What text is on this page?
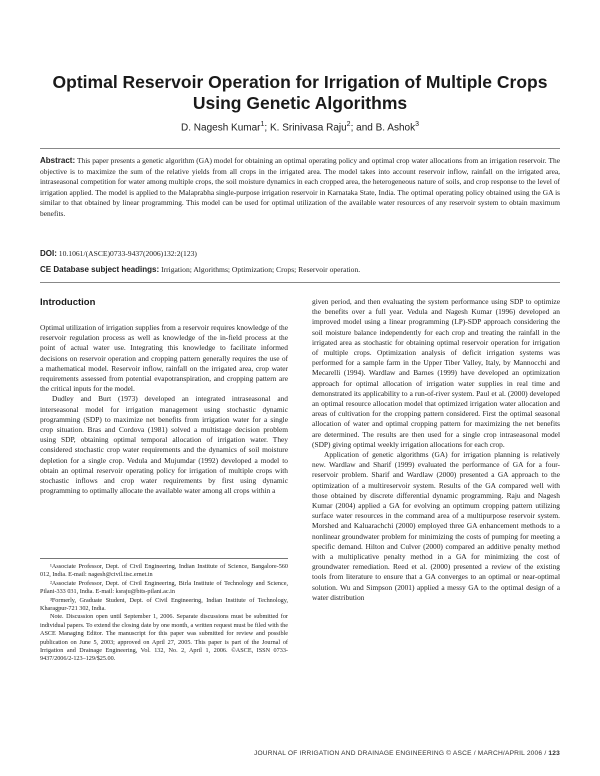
Optimal Reservoir Operation for Irrigation of Multiple Crops Using Genetic Algorithms
D. Nagesh Kumar$^1$; K. Srinivasa Raju$^2$; and B. Ashok$^3$
Abstract: This paper presents a genetic algorithm (GA) model for obtaining an optimal operating policy and optimal crop water allocations from an irrigation reservoir. The objective is to maximize the sum of the relative yields from all crops in the irrigated area. The model takes into account reservoir inflow, rainfall on the irrigated area, intraseasonal competition for water among multiple crops, the soil moisture dynamics in each cropped area, the heterogeneous nature of soils, and crop response to the level of irrigation applied. The model is applied to the Malaprabha single-purpose irrigation reservoir in Karnataka State, India. The optimal operating policy obtained using the GA is similar to that obtained by linear programming. This model can be used for optimal utilization of the available water resources of any reservoir system to obtain maximum benefits.
DOI: 10.1061/(ASCE)0733-9437(2006)132:2(123)
CE Database subject headings: Irrigation; Algorithms; Optimization; Crops; Reservoir operation.
Introduction

Optimal utilization of irrigation supplies from a reservoir requires knowledge of the reservoir regulation process as well as knowledge of the in-field process at the point of actual water use. Integrating this knowledge to facilitate informed decisions on reservoir operation and cropping pattern generally requires the use of a mathematical model. Reservoir inflow, rainfall on the irrigated area, crop water requirements assessed from potential evapotranspiration, and cropping pattern are the critical inputs for the model.

Dudley and Burt (1973) developed an integrated intraseasonal and interseasonal model for irrigation management using stochastic dynamic programming (SDP) to maximize net benefits from irrigation water for a single crop situation. Bras and Cordova (1981) solved a multistage decision problem using SDP, obtaining optimal temporal allocation of irrigation water. They considered stochastic crop water requirements and the dynamics of soil moisture depletion for a single crop. Vedula and Mujumdar (1992) developed a model to obtain an optimal reservoir operating policy for irrigation of multiple crops with stochastic inflows and crop water requirements by first using dynamic programming to optimally allocate the available water among all crops within a

¹Associate Professor, Dept. of Civil Engineering, Indian Institute of Science, Bangalore-560 012, India. E-mail: nagesh@civil.iisc.ernet.in

²Associate Professor, Dept. of Civil Engineering, Birla Institute of Technology and Science, Pilani-333 031, India. E-mail: ksraju@bits-pilani.ac.in

³Formerly, Graduate Student, Dept. of Civil Engineering, Indian Institute of Technology, Kharagpur-721 302, India.

Note. Discussion open until September 1, 2006. Separate discussions must be submitted for individual papers. To extend the closing date by one month, a written request must be filed with the ASCE Managing Editor. The manuscript for this paper was submitted for review and possible publication on June 5, 2003; approved on April 27, 2005. This paper is part of the Journal of Irrigation and Drainage Engineering, Vol. 132, No. 2, April 1, 2006. ©ASCE, ISSN 0733-9437/2006/2-123–129/$25.00.

given period, and then evaluating the system performance using SDP to optimize the benefits over a full year. Vedula and Nagesh Kumar (1996) developed an improved model using a linear programming (LP)-SDP approach considering the soil moisture balance independently for each crop and treating the rainfall in the irrigated area as stochastic for obtaining optimal reservoir operation for irrigation of multiple crops. Optimization analysis of deficit irrigation systems was performed for a sample farm in the Upper Tiber Valley, Italy, by Mannocchi and Mecarelli (1994). Wardlaw and Barnes (1999) have developed an optimization approach for optimal allocation of irrigation water supplies in real time and demonstrated its applicability to a run-of-river system. Paul et al. (2000) developed an optimal resource allocation model that optimized irrigation water allocation and areas of cultivation for the cropping pattern considered. First the optimal seasonal allocation of water and optimal cropping pattern for maximizing the net benefits are determined. The results are then used for a single crop intraseasonal model (SDP) giving optimal weekly irrigation allocations for each crop.

Application of genetic algorithms (GA) for irrigation planning is relatively new. Wardlaw and Sharif (1999) evaluated the performance of GA for a four-reservoir problem. Sharif and Wardlaw (2000) presented a GA approach to the optimization of a multireservoir system. Results of the GA compared well with those obtained by discrete differential dynamic programming. Raju and Nagesh Kumar (2004) applied a GA for evolving an optimum cropping pattern utilizing surface water resources in the command area of a multipurpose reservoir system. Morshed and Kaluarachchi (2000) employed three GA enhancement methods to a nonlinear groundwater problem for minimizing the costs of pumping for meeting a specific demand. Hilton and Culver (2000) compared an additive penalty method with a multiplicative penalty method in a GA for minimizing the cost of groundwater remediation. Reed et al. (2000) presented a review of the existing tools from literature to ensure that a GA converges to an optimal or near-optimal solution. Wu and Simpson (2001) applied a messy GA to the optimal design of a water distribution

JOURNAL OF IRRIGATION AND DRAINAGE ENGINEERING © ASCE / MARCH/APRIL 2006 / 123
